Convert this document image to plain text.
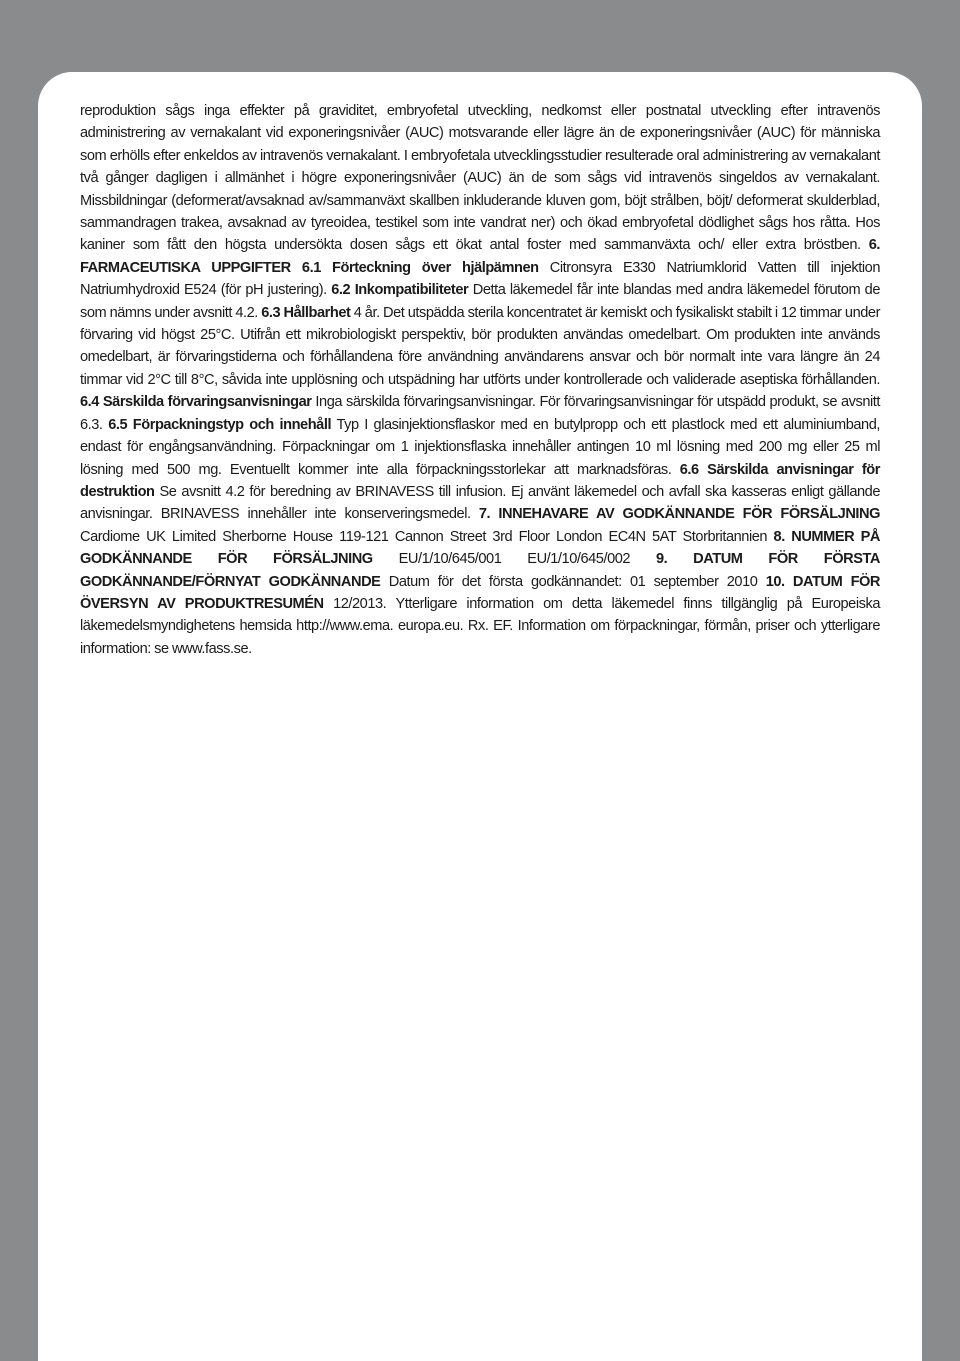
reproduktion sågs inga effekter på graviditet, embryofetal utveckling, nedkomst eller postnatal utveckling efter intravenös administrering av vernakalant vid exponeringsnivåer (AUC) motsvarande eller lägre än de exponeringsnivåer (AUC) för människa som erhölls efter enkeldos av intravenös vernakalant. I embryofetala utvecklingsstudier resulterade oral administrering av vernakalant två gånger dagligen i allmänhet i högre exponeringsnivåer (AUC) än de som sågs vid intravenös singeldos av vernakalant. Missbildningar (deformerat/avsaknad av/sammanväxt skallben inkluderande kluven gom, böjt strålben, böjt/ deformerat skulderblad, sammandragen trakea, avsaknad av tyreoidea, testikel som inte vandrat ner) och ökad embryofetal dödlighet sågs hos råtta. Hos kaniner som fått den högsta undersökta dosen sågs ett ökat antal foster med sammanväxta och/ eller extra bröstben. 6. FARMACEUTISKA UPPGIFTER 6.1 Förteckning över hjälpämnen Citronsyra E330 Natriumklorid Vatten till injektion Natriumhydroxid E524 (för pH justering). 6.2 Inkompatibiliteter Detta läkemedel får inte blandas med andra läkemedel förutom de som nämns under avsnitt 4.2. 6.3 Hållbarhet 4 år. Det utspädda sterila koncentratet är kemiskt och fysikaliskt stabilt i 12 timmar under förvaring vid högst 25°C. Utifrån ett mikrobiologiskt perspektiv, bör produkten användas omedelbart. Om produkten inte används omedelbart, är förvaringstiderna och förhållandena före användning användarens ansvar och bör normalt inte vara längre än 24 timmar vid 2°C till 8°C, såvida inte upplösning och utspädning har utförts under kontrollerade och validerade aseptiska förhållanden. 6.4 Särskilda förvaringsanvisningar Inga särskilda förvaringsanvisningar. För förvaringsanvisningar för utspädd produkt, se avsnitt 6.3. 6.5 Förpackningstyp och innehåll Typ I glasinjektionsflaskor med en butylpropp och ett plastlock med ett aluminiumband, endast för engångsanvändning. Förpackningar om 1 injektionsflaska innehåller antingen 10 ml lösning med 200 mg eller 25 ml lösning med 500 mg. Eventuellt kommer inte alla förpackningsstorlekar att marknadsföras. 6.6 Särskilda anvisningar för destruktion Se avsnitt 4.2 för beredning av BRINAVESS till infusion. Ej använt läkemedel och avfall ska kasseras enligt gällande anvisningar. BRINAVESS innehåller inte konserveringsmedel. 7. INNEHAVARE AV GODKÄNNANDE FÖR FÖRSÄLJNING Cardiome UK Limited Sherborne House 119-121 Cannon Street 3rd Floor London EC4N 5AT Storbritannien 8. NUMMER PÅ GODKÄNNANDE FÖR FÖRSÄLJNING EU/1/10/645/001 EU/1/10/645/002 9. DATUM FÖR FÖRSTA GODKÄNNANDE/FÖRNYAT GODKÄNNANDE Datum för det första godkännandet: 01 september 2010 10. DATUM FÖR ÖVERSYN AV PRODUKTRESUMÉN 12/2013. Ytterligare information om detta läkemedel finns tillgänglig på Europeiska läkemedelsmyndighetens hemsida http://www.ema. europa.eu. Rx. EF. Information om förpackningar, förmån, priser och ytterligare information: se www.fass.se.
